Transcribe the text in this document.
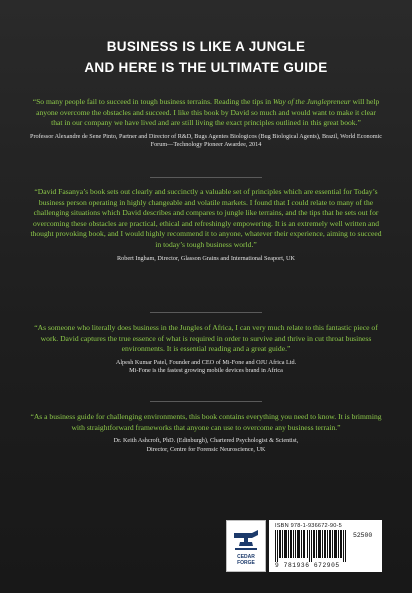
BUSINESS IS LIKE A JUNGLE
AND HERE IS THE ULTIMATE GUIDE

“So many people fail to succeed in tough business terrains. Reading the tips in Way of the Junglepreneur will help anyone overcome the obstacles and succeed. I like this book by David so much and would want to make it clear that in our company we have lived and are still living the exact principles outlined in this great book.”

Professor Alexandre de Sene Pinto, Partner and Director of R&D, Bugs Agentes Biologicos (Bug Biological Agents), Brazil, World Economic Forum—Technology Pioneer Awardee, 2014

“David Fasanya’s book sets out clearly and succinctly a valuable set of principles which are essential for Today’s business person operating in highly changeable and volatile markets. I found that I could relate to many of the challenging situations which David describes and compares to jungle like terrains, and the tips that he sets out for overcoming these obstacles are practical, ethical and refreshingly empowering. It is an extremely well written and thought provoking book, and I would highly recommend it to anyone, whatever their experience, aiming to succeed in today’s tough business world.”

Robert Ingham, Director, Glasson Grains and International Seaport, UK

“As someone who literally does business in the Jungles of Africa, I can very much relate to this fantastic piece of work. David captures the true essence of what is required in order to survive and thrive in cut throat business environments. It is essential reading and a great guide.”

Alpesh Kumar Patel, Founder and CEO of Mi-Fone and OJU Africa Ltd.
Mi-Fone is the fastest growing mobile devices brand in Africa

“As a business guide for challenging environments, this book contains everything you need to know. It is brimming with straightforward frameworks that anyone can use to overcome any business terrain.”

Dr. Keith Ashcroft, PhD. (Edinburgh), Chartered Psychologist & Scientist,
Director, Centre for Forensic Neuroscience, UK

CEDAR
FORGE
ISBN 978-1-936672-90-5
52500
9 781936 672905
